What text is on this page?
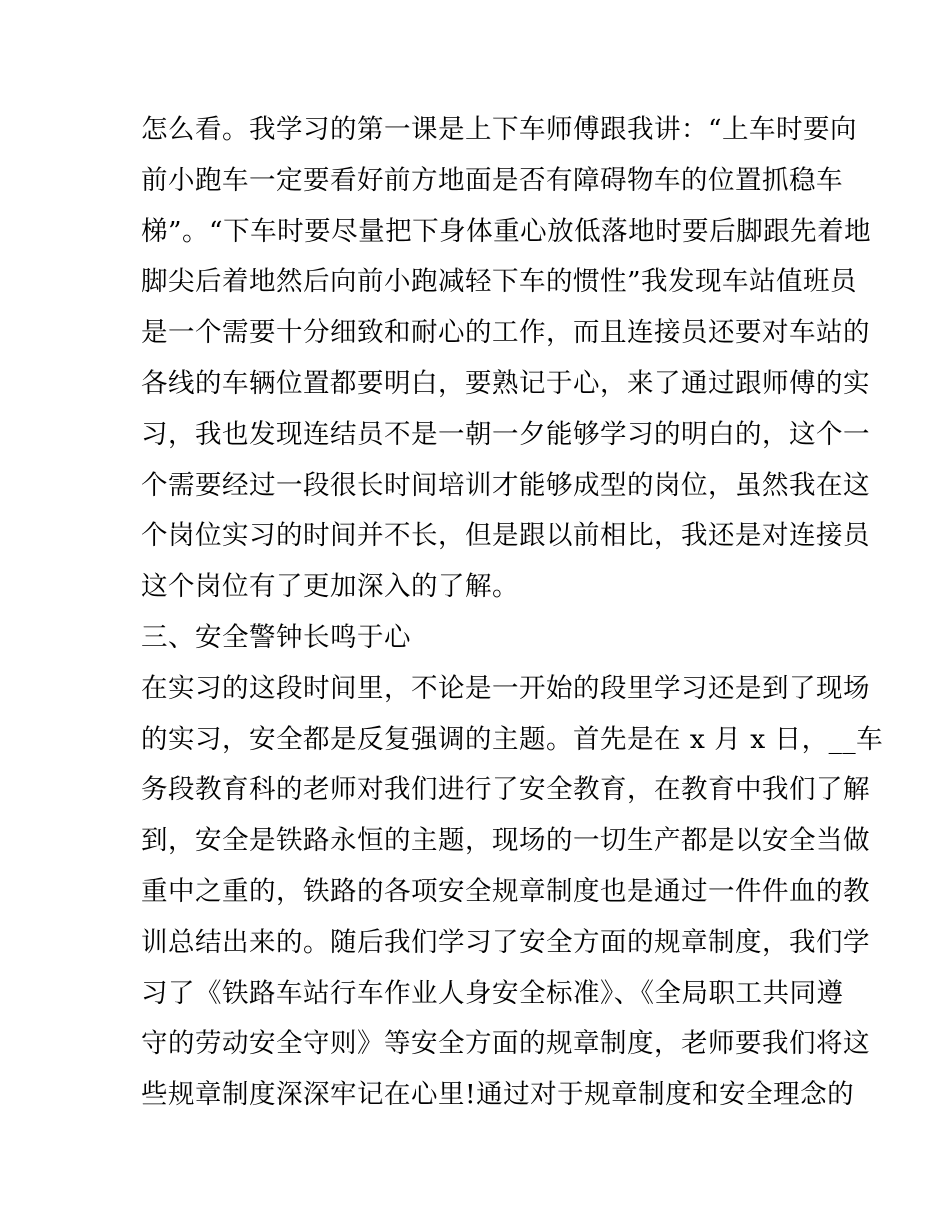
怎么看。我学习的第一课是上下车师傅跟我讲：“上车时要向
前小跑车一定要看好前方地面是否有障碍物车的位置抓稳车
梯”。“下车时要尽量把下身体重心放低落地时要后脚跟先着地
脚尖后着地然后向前小跑减轻下车的惯性”我发现车站值班员
是一个需要十分细致和耐心的工作，而且连接员还要对车站的
各线的车辆位置都要明白，要熟记于心，来了通过跟师傅的实
习，我也发现连结员不是一朝一夕能够学习的明白的，这个一
个需要经过一段很长时间培训才能够成型的岗位，虽然我在这
个岗位实习的时间并不长，但是跟以前相比，我还是对连接员
这个岗位有了更加深入的了解。
三、安全警钟长鸣于心
在实习的这段时间里，不论是一开始的段里学习还是到了现场
的实习，安全都是反复强调的主题。首先是在 x 月 x 日，__车
务段教育科的老师对我们进行了安全教育，在教育中我们了解
到，安全是铁路永恒的主题，现场的一切生产都是以安全当做
重中之重的，铁路的各项安全规章制度也是通过一件件血的教
训总结出来的。随后我们学习了安全方面的规章制度，我们学
习了《铁路车站行车作业人身安全标准》、《全局职工共同遵
守的劳动安全守则》等安全方面的规章制度，老师要我们将这
些规章制度深深牢记在心里!通过对于规章制度和安全理念的
